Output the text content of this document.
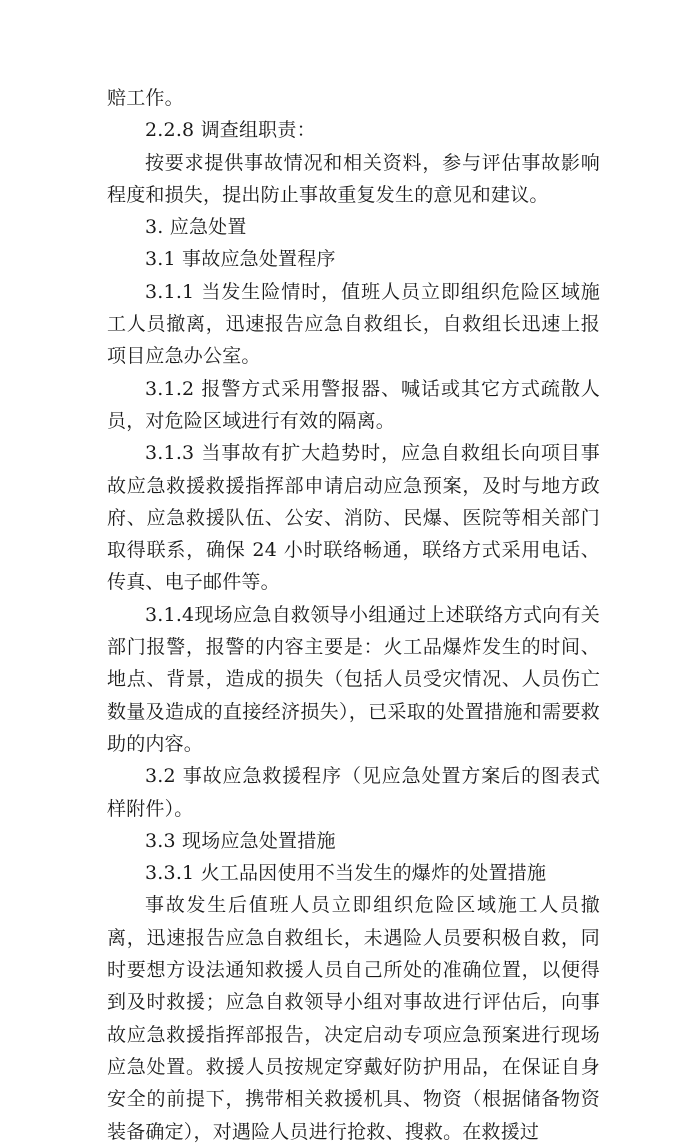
赔工作。

2.2.8 调查组职责：

按要求提供事故情况和相关资料，参与评估事故影响程度和损失，提出防止事故重复发生的意见和建议。

3. 应急处置

3.1 事故应急处置程序

3.1.1 当发生险情时，值班人员立即组织危险区域施工人员撤离，迅速报告应急自救组长，自救组长迅速上报项目应急办公室。

3.1.2 报警方式采用警报器、喊话或其它方式疏散人员，对危险区域进行有效的隔离。

3.1.3 当事故有扩大趋势时，应急自救组长向项目事故应急救援救援指挥部申请启动应急预案，及时与地方政府、应急救援队伍、公安、消防、民爆、医院等相关部门取得联系，确保 24 小时联络畅通，联络方式采用电话、传真、电子邮件等。

3.1.4现场应急自救领导小组通过上述联络方式向有关部门报警，报警的内容主要是：火工品爆炸发生的时间、地点、背景，造成的损失（包括人员受灾情况、人员伤亡数量及造成的直接经济损失），已采取的处置措施和需要救助的内容。

3.2 事故应急救援程序（见应急处置方案后的图表式样附件）。

3.3 现场应急处置措施

3.3.1 火工品因使用不当发生的爆炸的处置措施

事故发生后值班人员立即组织危险区域施工人员撤离，迅速报告应急自救组长，未遇险人员要积极自救，同时要想方设法通知救援人员自己所处的准确位置，以便得到及时救援；应急自救领导小组对事故进行评估后，向事故应急救援指挥部报告，决定启动专项应急预案进行现场应急处置。救援人员按规定穿戴好防护用品，在保证自身安全的前提下，携带相关救援机具、物资（根据储备物资装备确定），对遇险人员进行抢救、搜救。在救援过
